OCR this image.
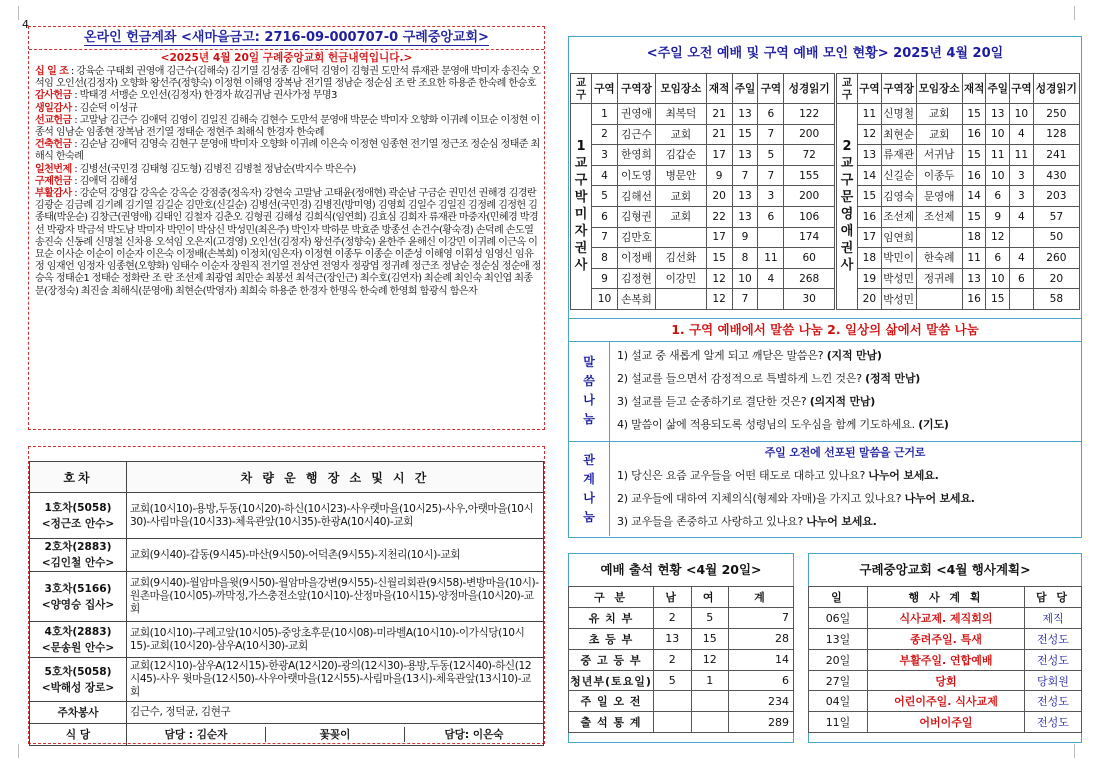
4
온라인 헌금계좌 <새마을금고: 2716-09-000707-0 구례중앙교회>
<2025년 4월 20일 구례중앙교회 헌금내역입니다.>

십 일 조 : 강육순 구태회 권영애 김근수(김해숙) 김기열 김성종 김애덕 김영이 김형권 도만석 류재관 문영애 박미자 송진숙 오석임 오인선(김정자) 오향화 왕선주(정향숙) 이정현 이해영 장복남 전기열 정남순 정순심 조 란 조요한 하용준 한숙례 한승호

감사헌금 : 박태경 서맹순 오인선(김정자) 한경자 故김귀남 권사가정 무명3

생일감사 : 김순덕 이성규

선교헌금 : 고말남 김근수 김애덕 김영이 김일진 김해숙 김현수 도만석 문영애 박문순 박미자 오향화 이귀례 이묘순 이정현 이종석 임남순 임종현 장복남 전기열 정태순 정현주 최해식 한경자 한숙례

건축헌금 : 김순남 김애덕 김영숙 김현구 문영애 박미자 오향화 이귀례 이은숙 이정현 임종현 전기열 정근조 정순심 정태준 최해식 한숙례

일천번제 : 김병선(국민경 김태형 김도형) 김병진 김병철 정남순(박지수 박은수)

구제헌금 : 김애덕 김해성

부활감사 : 강순덕 강영갑 강옥순 강옥순 강점중(정옥자) 강현숙 고말남 고태윤(정애현) 곽순남 구금순 권민선 권해경 김경란 김광순 김금례 김기례 김기열 김길순 김만호(신길순) 김병선(국민경) 김병진(방미영) 김영희 김일수 김일진 김정례 김정헌 김종태(박운순) 김창근(권영애) 김태인 김철자 김춘오 김형권 김해성 김희식(임연희) 김효심 김희자 류재관 마중자(민혜경 박경선 박광자 박금석 박도남 박미자 박민이 박삼신 박성민(최은주) 박인자 박하문 박효준 방종선 손건수(황숙경) 손덕례 손도열 송진숙 신동례 신명철 신차용 오석임 오은지(고경영) 오인선(김정자) 왕선주(정향숙) 윤한주 윤해신 이강민 이귀례 이근옥 이묘순 이사순 이순이 이순자 이은숙 이정배(손복희) 이정치(임은자) 이정현 이종두 이종순 이준성 이해영 이휘성 임영신 임유정 임재언 임정자 임종현(오향화) 임태수 이순자 장원직 전기열 전상연 전영자 정광엽 정귀례 정근조 정남순 정순심 정순애 정승옥 정태순1 정태순 정화란 조 란 조선제 최광엽 최만순 최봉선 최석근(장인근) 최수호(김연자) 최순례 최인숙 최인엽 최종문(장정숙) 최진술 최해식(문영애) 최현순(박영자) 최희숙 하용준 한경자 한명옥 한숙례 한영희 함광식 함은자

호차	차 량 운 행 장 소 및 시 간

1호차(5058)
<정근조 안수>	교회(10시10)-용방,두동(10시20)-하신(10시23)-사우렛마을(10시25)-사우,아랫마을(10시30)-사림마을(10시33)-체육관앞(10시35)-한광A(10시40)-교회

2호차(2883)
<김인철 안수>	교회(9시40)-갑동(9시45)-마산(9시50)-어덕촌(9시55)-지천리(10시)-교회

3호차(5166)
<양영승 집사>	교회(9시40)-월암마을윗(9시50)-월암마을강변(9시55)-신월리회관(9시58)-변방마을(10시)-원촌마을(10시05)-까막정,가스충전소앞(10시10)-산정마을(10시15)-양정마을(10시20)-교회

4호차(2883)
<문송원 안수>	교회(10시10)-구례고앞(10시05)-중앙초후문(10시08)-미라벨A(10시10)-이가식당(10시15)-교회(10시20)-삼우A(10시30)-교회

5호차(5058)
<박해성 장로>	교회(12시10)-삼우A(12시15)-한광A(12시20)-광의(12시30)-용방,두동(12시40)-하신(12시45)-사우 윗마을(12시50)-사우아랫마을(12시55)-사림마을(13시)-체육관앞(13시10)-교회
주차봉사	김근수, 정덕균, 김현구
식 당	담당 : 김순자 꽃꽂이 담당: 이은숙
<주일 오전 예배 및 구역 예배 모인 현황> 2025년 4월 20일
교구	구역	구역장	모임장소	재적	주일	구역	성경읽기
1 교 구 박 미 자 권 사	1	권영애	최복덕	21	13	6	122
	2	김근수	교회	21	15	7	200
	3	한영희	김갑순	17	13	5	72
	4	이도영	병문안	9	7	7	155
	5	김해선	교회	20	13	3	200
	6	김형권	교회	22	13	6	106
	7	김만호		17	9		174
	8	이정배	김선화	15	8	11	60
	9	김정현	이강민	12	10	4	268
	10	손복희		12	7		30
교구	구역	구역장	모임장소	재적	주일	구역	성경읽기
2 교 구 문 영 애 권 사	11	신명철	교회	15	13	10	250
	12	최현순	교회	16	10	4	128
	13	류재관	서귀남	15	11	11	241
	14	신길순	이종두	16	10	3	430
	15	김영숙	문영애	14	6	3	203
	16	조선제	조선제	15	9	4	57
	17	임연희		18	12		50
	18	박민이	한숙례	11	6	4	260
	19	박성민	정귀례	13	10	6	20
	20	박성민		16	15		58
1. 구역 예배에서 말씀 나눔 2. 일상의 삶에서 말씀 나눔
말
씀
나
눔
1) 설교 중 새롭게 알게 되고 깨닫은 말씀은? (지적 만남)
2) 설교를 들으면서 감정적으로 특별하게 느낀 것은? (정적 만남)
3) 설교를 듣고 순종하기로 결단한 것은? (의지적 만남)
4) 말씀이 삶에 적용되도록 성령님의 도우심을 함께 기도하세요. (기도)
관
계
나
눔
주일 오전에 선포된 말씀을 근거로
1) 당신은 요즘 교우들을 어떤 태도로 대하고 있나요? 나누어 보세요.
2) 교우들에 대하여 지체의식(형제와 자매)을 가지고 있나요? 나누어 보세요.
3) 교우들을 존중하고 사랑하고 있나요? 나누어 보세요.
예배 출석 현황 <4월 20일>
구 분	남	여	계
유 치 부	2	5	7
초 등 부	13	15	28
중 고 등 부	2	12	14
청년부(토요일)	5	1	6
주 일 오 전			234
출 석 통 계			289
구례중앙교회 <4월 행사계획>
일	행 사 계 획	담 당
06일	식사교제. 제직회의	제직
13일	종려주일. 특새	전성도
20일	부활주일. 연합예배	전성도
27일	당회	당회원
04일	어린이주일. 식사교제	전성도
11일	어버이주일	전성도
